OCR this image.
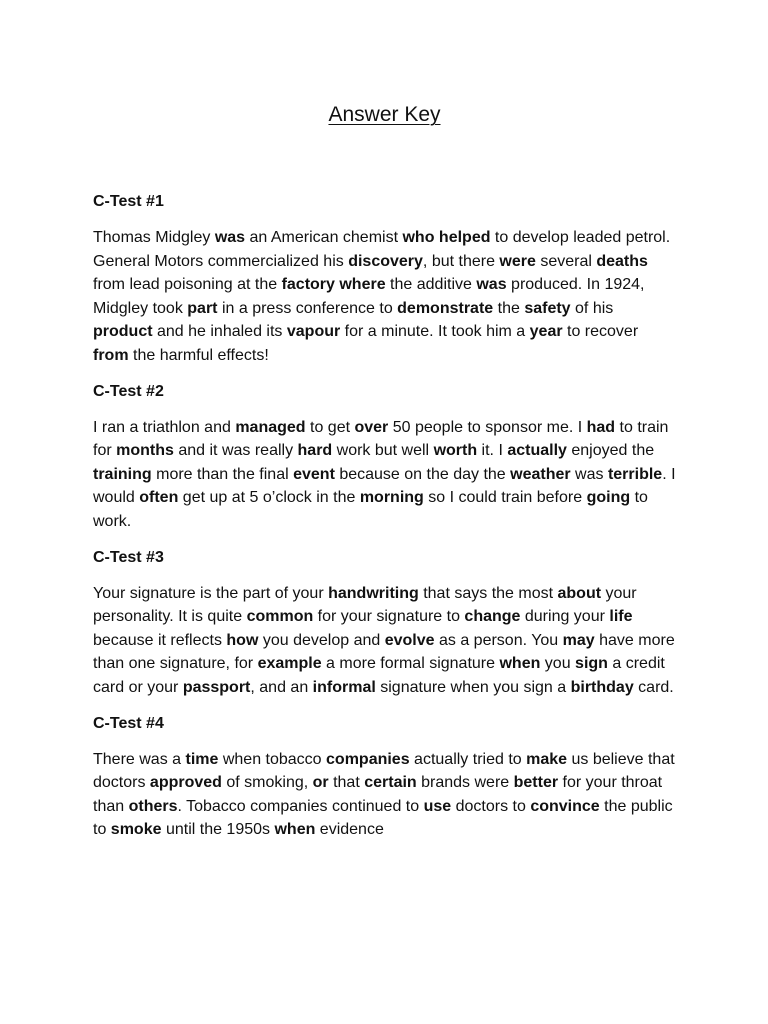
Answer Key
C-Test #1

Thomas Midgley was an American chemist who helped to develop leaded petrol. General Motors commercialized his discovery, but there were several deaths from lead poisoning at the factory where the additive was produced. In 1924, Midgley took part in a press conference to demonstrate the safety of his product and he inhaled its vapour for a minute. It took him a year to recover from the harmful effects!

C-Test #2

I ran a triathlon and managed to get over 50 people to sponsor me. I had to train for months and it was really hard work but well worth it. I actually enjoyed the training more than the final event because on the day the weather was terrible. I would often get up at 5 o’clock in the morning so I could train before going to work.

C-Test #3

Your signature is the part of your handwriting that says the most about your personality. It is quite common for your signature to change during your life because it reflects how you develop and evolve as a person. You may have more than one signature, for example a more formal signature when you sign a credit card or your passport, and an informal signature when you sign a birthday card.

C-Test #4

There was a time when tobacco companies actually tried to make us believe that doctors approved of smoking, or that certain brands were better for your throat than others. Tobacco companies continued to use doctors to convince the public to smoke until the 1950s when evidence
